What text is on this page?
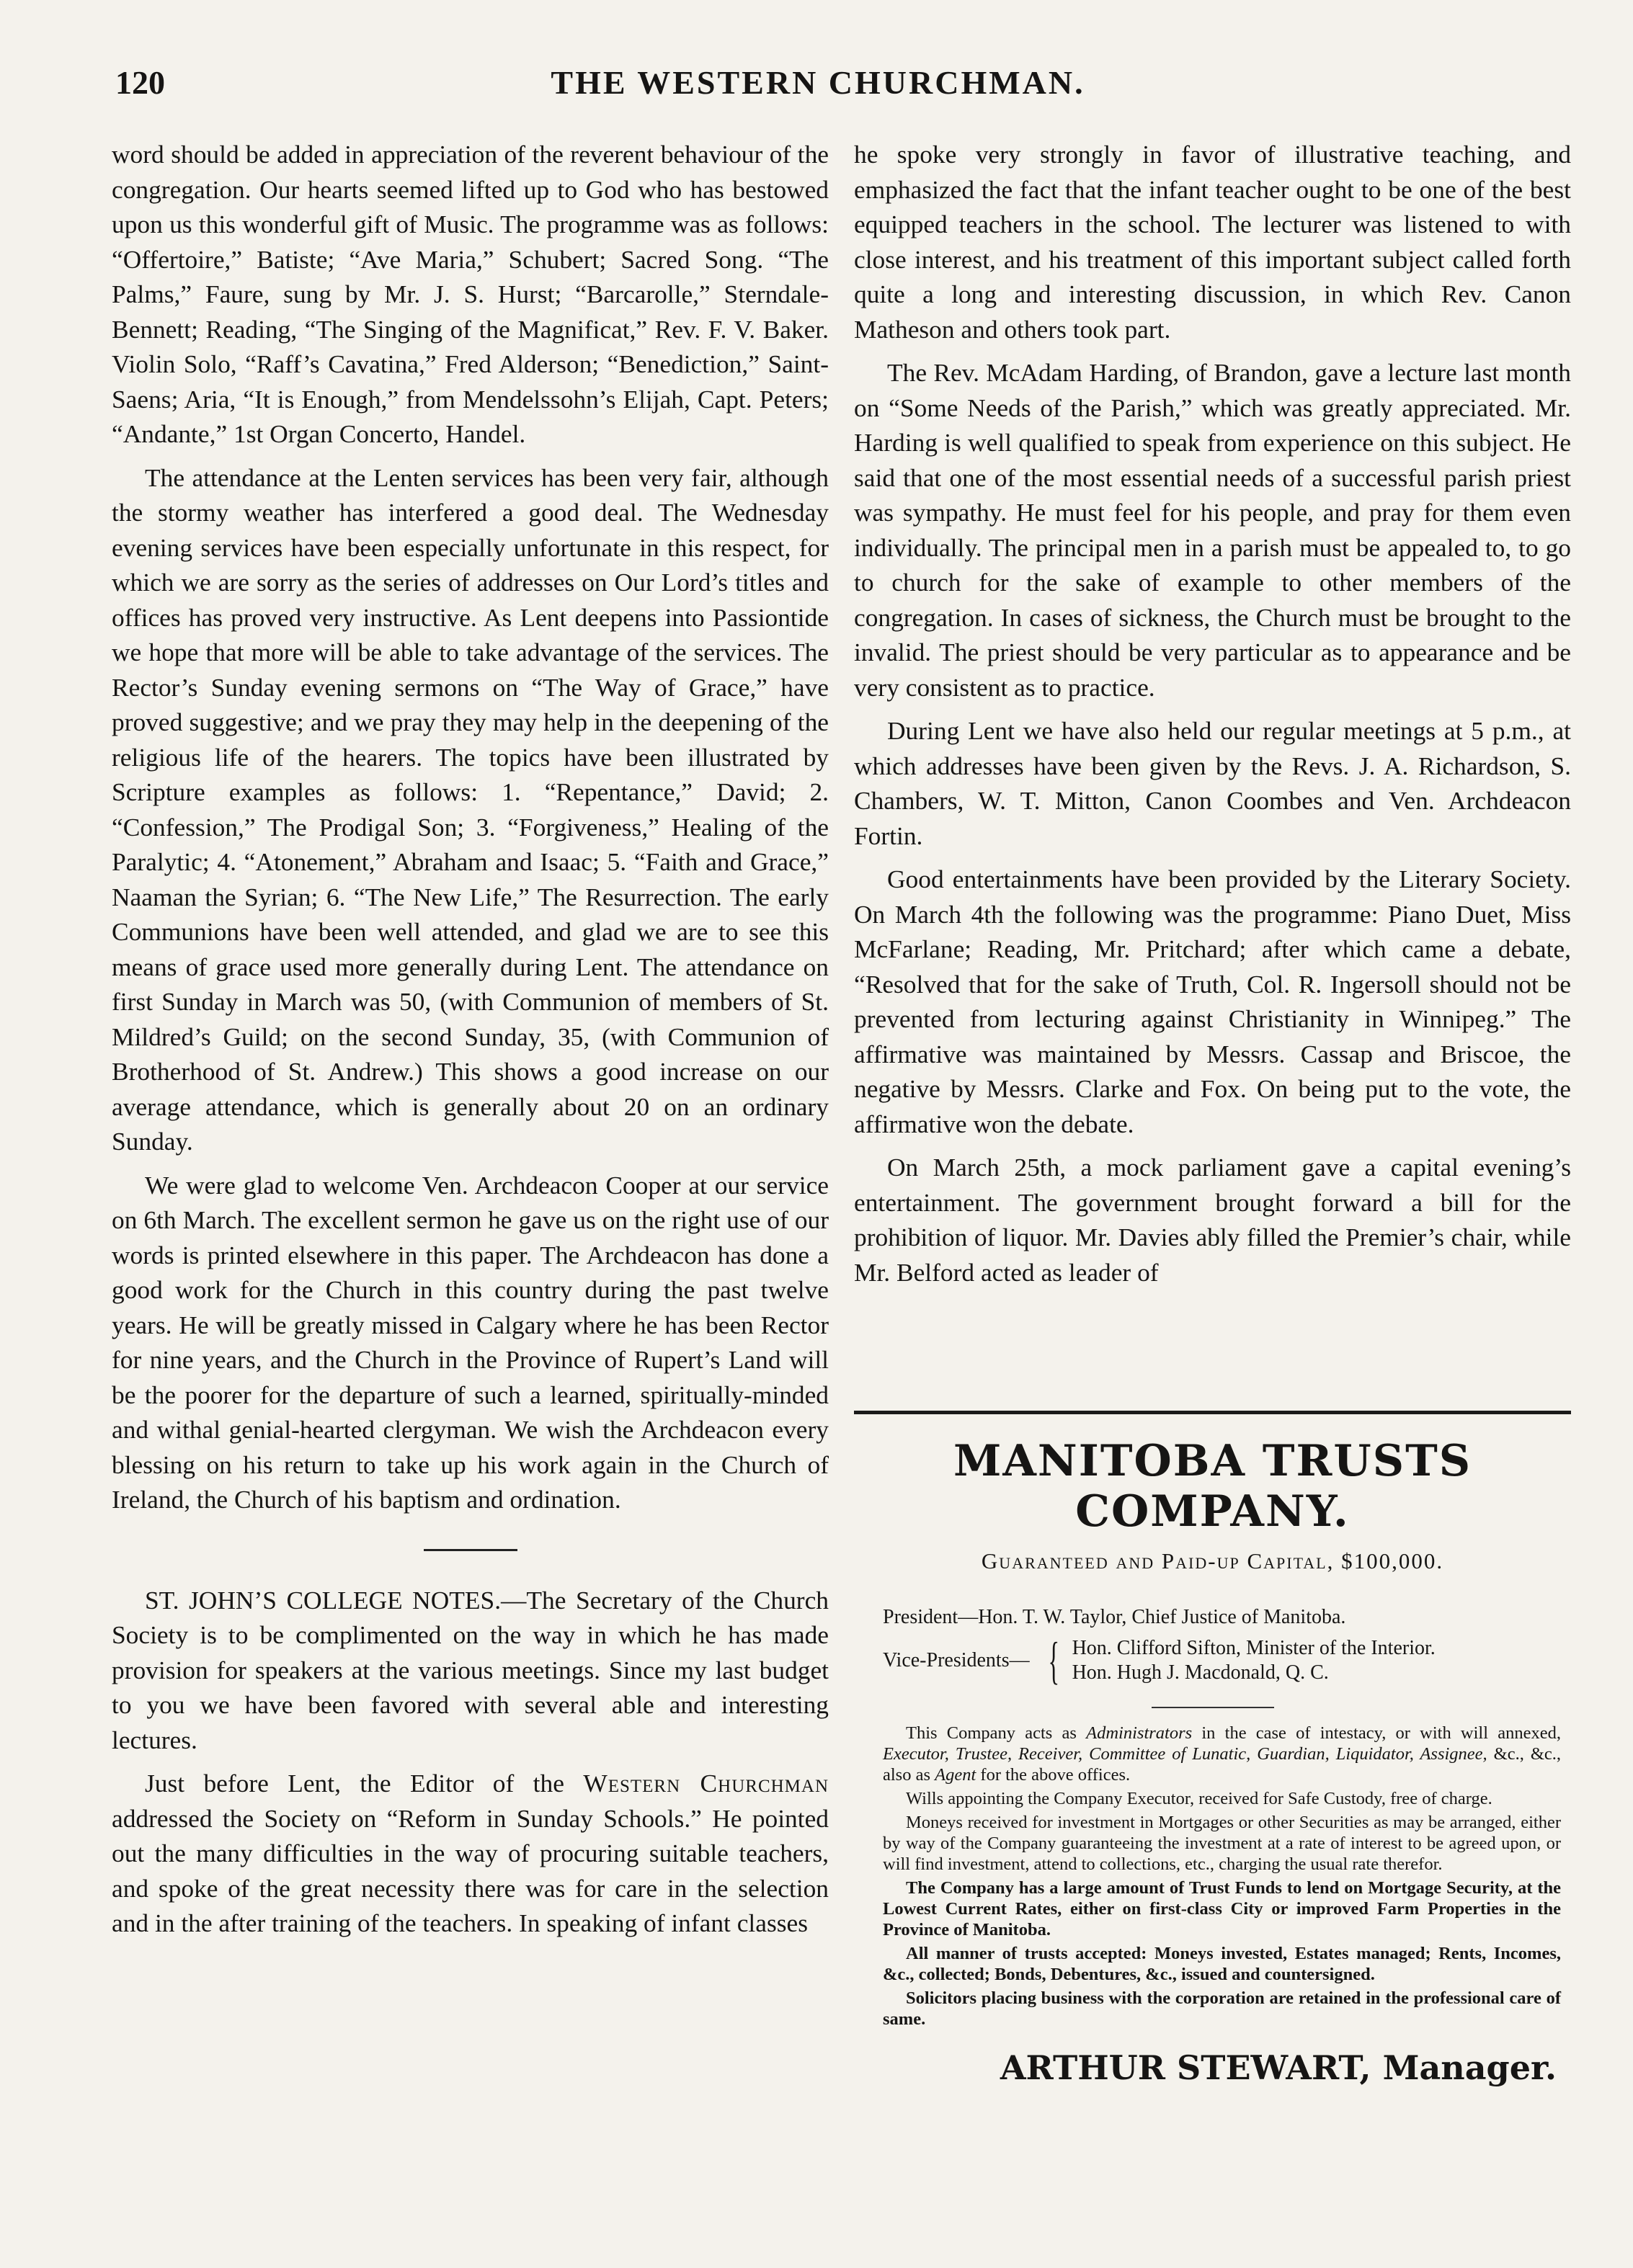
120	THE WESTERN CHURCHMAN.

word should be added in appreciation of the reverent behaviour of the congregation. Our hearts seemed lifted up to God who has bestowed upon us this wonderful gift of Music. The programme was as follows: “Offertoire,” Batiste; “Ave Maria,” Schubert; Sacred Song. “The Palms,” Faure, sung by Mr. J. S. Hurst; “Barcarolle,” Sterndale-Bennett; Reading, “The Singing of the Magnificat,” Rev. F. V. Baker. Violin Solo, “Raff’s Cavatina,” Fred Alderson; “Benediction,” Saint-Saens; Aria, “It is Enough,” from Mendelssohn’s Elijah, Capt. Peters; “Andante,” 1st Organ Concerto, Handel.

The attendance at the Lenten services has been very fair, although the stormy weather has interfered a good deal. The Wednesday evening services have been especially unfortunate in this respect, for which we are sorry as the series of addresses on Our Lord’s titles and offices has proved very instructive. As Lent deepens into Passiontide we hope that more will be able to take advantage of the services. The Rector’s Sunday evening sermons on “The Way of Grace,” have proved suggestive; and we pray they may help in the deepening of the religious life of the hearers. The topics have been illustrated by Scripture examples as follows: 1. “Repentance,” David; 2. “Confession,” The Prodigal Son; 3. “Forgiveness,” Healing of the Paralytic; 4. “Atonement,” Abraham and Isaac; 5. “Faith and Grace,” Naaman the Syrian; 6. “The New Life,” The Resurrection. The early Communions have been well attended, and glad we are to see this means of grace used more generally during Lent. The attendance on first Sunday in March was 50, (with Communion of members of St. Mildred’s Guild; on the second Sunday, 35, (with Communion of Brotherhood of St. Andrew.) This shows a good increase on our average attendance, which is generally about 20 on an ordinary Sunday.

We were glad to welcome Ven. Archdeacon Cooper at our service on 6th March. The excellent sermon he gave us on the right use of our words is printed elsewhere in this paper. The Archdeacon has done a good work for the Church in this country during the past twelve years. He will be greatly missed in Calgary where he has been Rector for nine years, and the Church in the Province of Rupert’s Land will be the poorer for the departure of such a learned, spiritually-minded and withal genial-hearted clergyman. We wish the Archdeacon every blessing on his return to take up his work again in the Church of Ireland, the Church of his baptism and ordination.

ST. JOHN’S COLLEGE NOTES.—The Secretary of the Church Society is to be complimented on the way in which he has made provision for speakers at the various meetings. Since my last budget to you we have been favored with several able and interesting lectures.

Just before Lent, the Editor of the Western Churchman addressed the Society on “Reform in Sunday Schools.” He pointed out the many difficulties in the way of procuring suitable teachers, and spoke of the great necessity there was for care in the selection and in the after training of the teachers. In speaking of infant classes

he spoke very strongly in favor of illustrative teaching, and emphasized the fact that the infant teacher ought to be one of the best equipped teachers in the school. The lecturer was listened to with close interest, and his treatment of this important subject called forth quite a long and interesting discussion, in which Rev. Canon Matheson and others took part.

The Rev. McAdam Harding, of Brandon, gave a lecture last month on “Some Needs of the Parish,” which was greatly appreciated. Mr. Harding is well qualified to speak from experience on this subject. He said that one of the most essential needs of a successful parish priest was sympathy. He must feel for his people, and pray for them even individually. The principal men in a parish must be appealed to, to go to church for the sake of example to other members of the congregation. In cases of sickness, the Church must be brought to the invalid. The priest should be very particular as to appearance and be very consistent as to practice.

During Lent we have also held our regular meetings at 5 p.m., at which addresses have been given by the Revs. J. A. Richardson, S. Chambers, W. T. Mitton, Canon Coombes and Ven. Archdeacon Fortin.

Good entertainments have been provided by the Literary Society. On March 4th the following was the programme: Piano Duet, Miss McFarlane; Reading, Mr. Pritchard; after which came a debate, “Resolved that for the sake of Truth, Col. R. Ingersoll should not be prevented from lecturing against Christianity in Winnipeg.” The affirmative was maintained by Messrs. Cassap and Briscoe, the negative by Messrs. Clarke and Fox. On being put to the vote, the affirmative won the debate.

On March 25th, a mock parliament gave a capital evening’s entertainment. The government brought forward a bill for the prohibition of liquor. Mr. Davies ably filled the Premier’s chair, while Mr. Belford acted as leader of

MANITOBA TRUSTS COMPANY.
Guaranteed and Paid-up Capital, $100,000.
President—Hon. T. W. Taylor, Chief Justice of Manitoba.
Vice-Presidents— { Hon. Clifford Sifton, Minister of the Interior.
Hon. Hugh J. Macdonald, Q. C.

This Company acts as Administrators in the case of intestacy, or with will annexed, Executor, Trustee, Receiver, Committee of Lunatic, Guardian, Liquidator, Assignee, &c., &c., also as Agent for the above offices.

Wills appointing the Company Executor, received for Safe Custody, free of charge.

Moneys received for investment in Mortgages or other Securities as may be arranged, either by way of the Company guaranteeing the investment at a rate of interest to be agreed upon, or will find investment, attend to collections, etc., charging the usual rate therefor.

The Company has a large amount of Trust Funds to lend on Mortgage Security, at the Lowest Current Rates, either on first-class City or improved Farm Properties in the Province of Manitoba.

All manner of trusts accepted: Moneys invested, Estates managed; Rents, Incomes, &c., collected; Bonds, Debentures, &c., issued and countersigned.

Solicitors placing business with the corporation are retained in the professional care of same.

ARTHUR STEWART, Manager.
